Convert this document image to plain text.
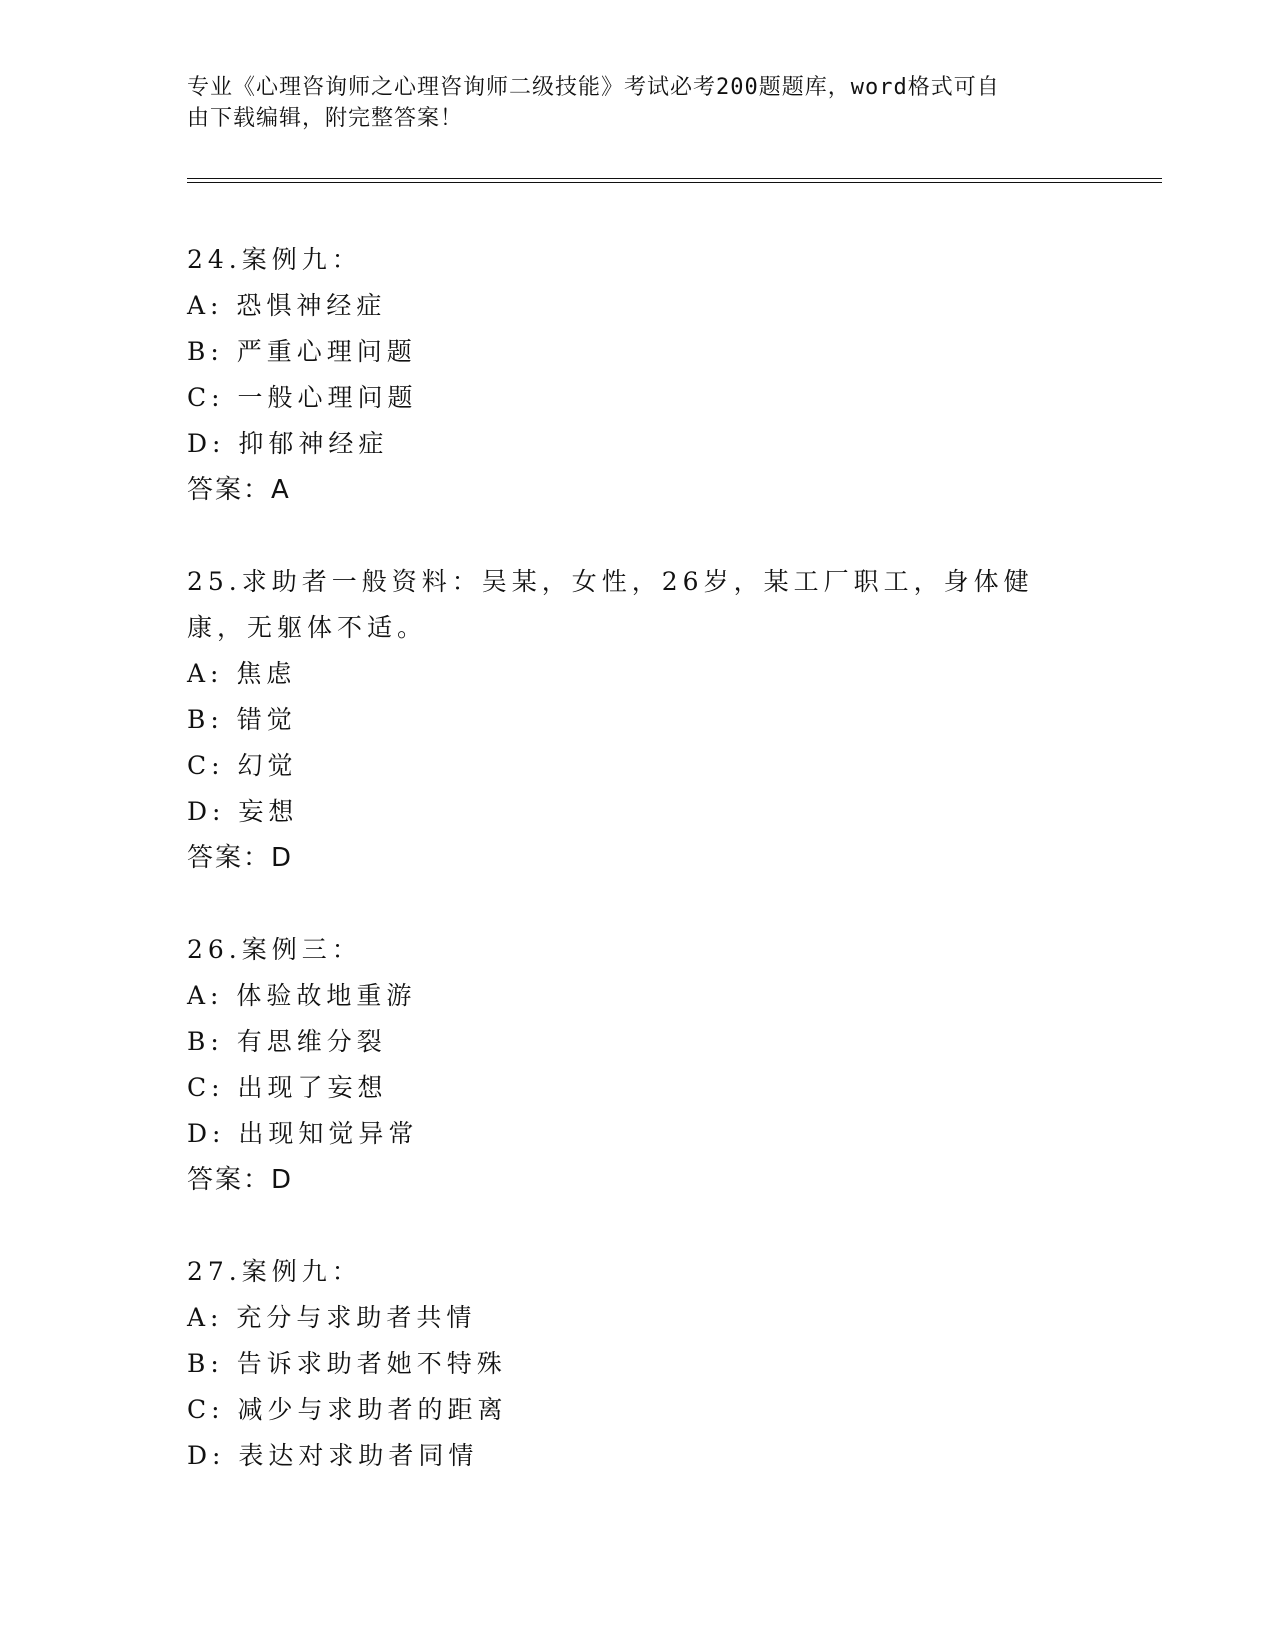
专业《心理咨询师之心理咨询师二级技能》考试必考200题题库，word格式可自
由下载编辑，附完整答案！
24.案例九：
A: 恐惧神经症
B: 严重心理问题
C: 一般心理问题
D: 抑郁神经症
答案：A
25.求助者一般资料：吴某，女性，26岁，某工厂职工，身体健康，无躯体不适。
A: 焦虑
B: 错觉
C: 幻觉
D: 妄想
答案：D
26.案例三：
A: 体验故地重游
B: 有思维分裂
C: 出现了妄想
D: 出现知觉异常
答案：D
27.案例九：
A: 充分与求助者共情
B: 告诉求助者她不特殊
C: 减少与求助者的距离
D: 表达对求助者同情
